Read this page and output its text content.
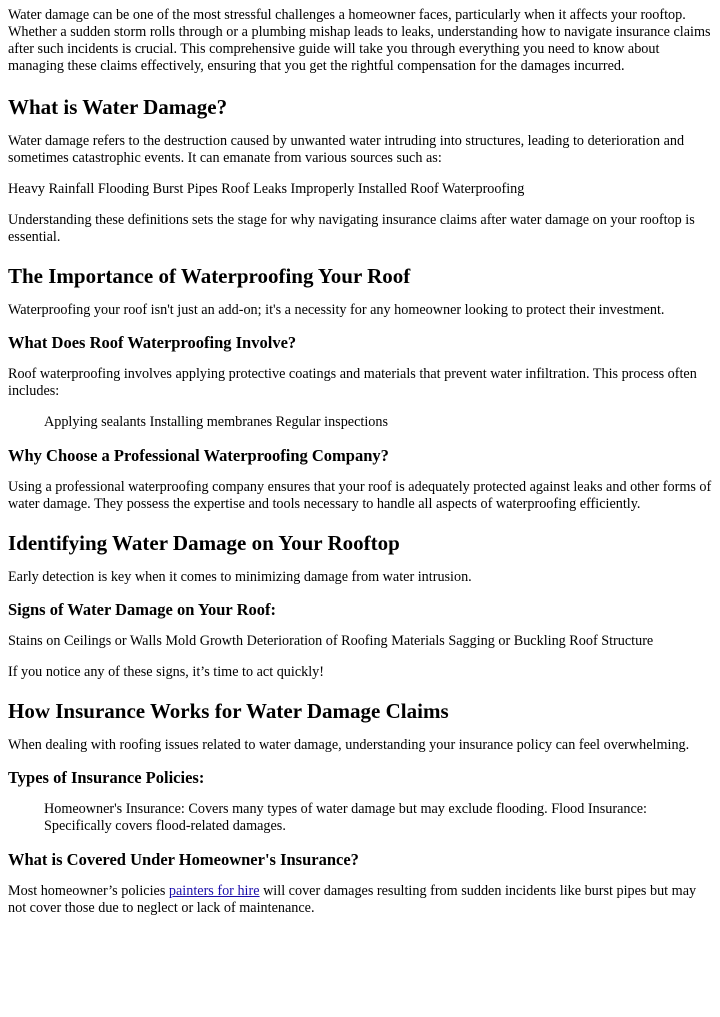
Water damage can be one of the most stressful challenges a homeowner faces, particularly when it affects your rooftop. Whether a sudden storm rolls through or a plumbing mishap leads to leaks, understanding how to navigate insurance claims after such incidents is crucial. This comprehensive guide will take you through everything you need to know about managing these claims effectively, ensuring that you get the rightful compensation for the damages incurred.

What is Water Damage?

Water damage refers to the destruction caused by unwanted water intruding into structures, leading to deterioration and sometimes catastrophic events. It can emanate from various sources such as:

Heavy Rainfall Flooding Burst Pipes Roof Leaks Improperly Installed Roof Waterproofing

Understanding these definitions sets the stage for why navigating insurance claims after water damage on your rooftop is essential.

The Importance of Waterproofing Your Roof

Waterproofing your roof isn't just an add-on; it's a necessity for any homeowner looking to protect their investment.

What Does Roof Waterproofing Involve?

Roof waterproofing involves applying protective coatings and materials that prevent water infiltration. This process often includes:

Applying sealants Installing membranes Regular inspections
Why Choose a Professional Waterproofing Company?

Using a professional waterproofing company ensures that your roof is adequately protected against leaks and other forms of water damage. They possess the expertise and tools necessary to handle all aspects of waterproofing efficiently.

Identifying Water Damage on Your Rooftop

Early detection is key when it comes to minimizing damage from water intrusion.

Signs of Water Damage on Your Roof:

Stains on Ceilings or Walls Mold Growth Deterioration of Roofing Materials Sagging or Buckling Roof Structure

If you notice any of these signs, it’s time to act quickly!

How Insurance Works for Water Damage Claims

When dealing with roofing issues related to water damage, understanding your insurance policy can feel overwhelming.

Types of Insurance Policies:
Homeowner's Insurance: Covers many types of water damage but may exclude flooding. Flood Insurance: Specifically covers flood-related damages.
What is Covered Under Homeowner's Insurance?

Most homeowner’s policies painters for hire will cover damages resulting from sudden incidents like burst pipes but may not cover those due to neglect or lack of maintenance.
